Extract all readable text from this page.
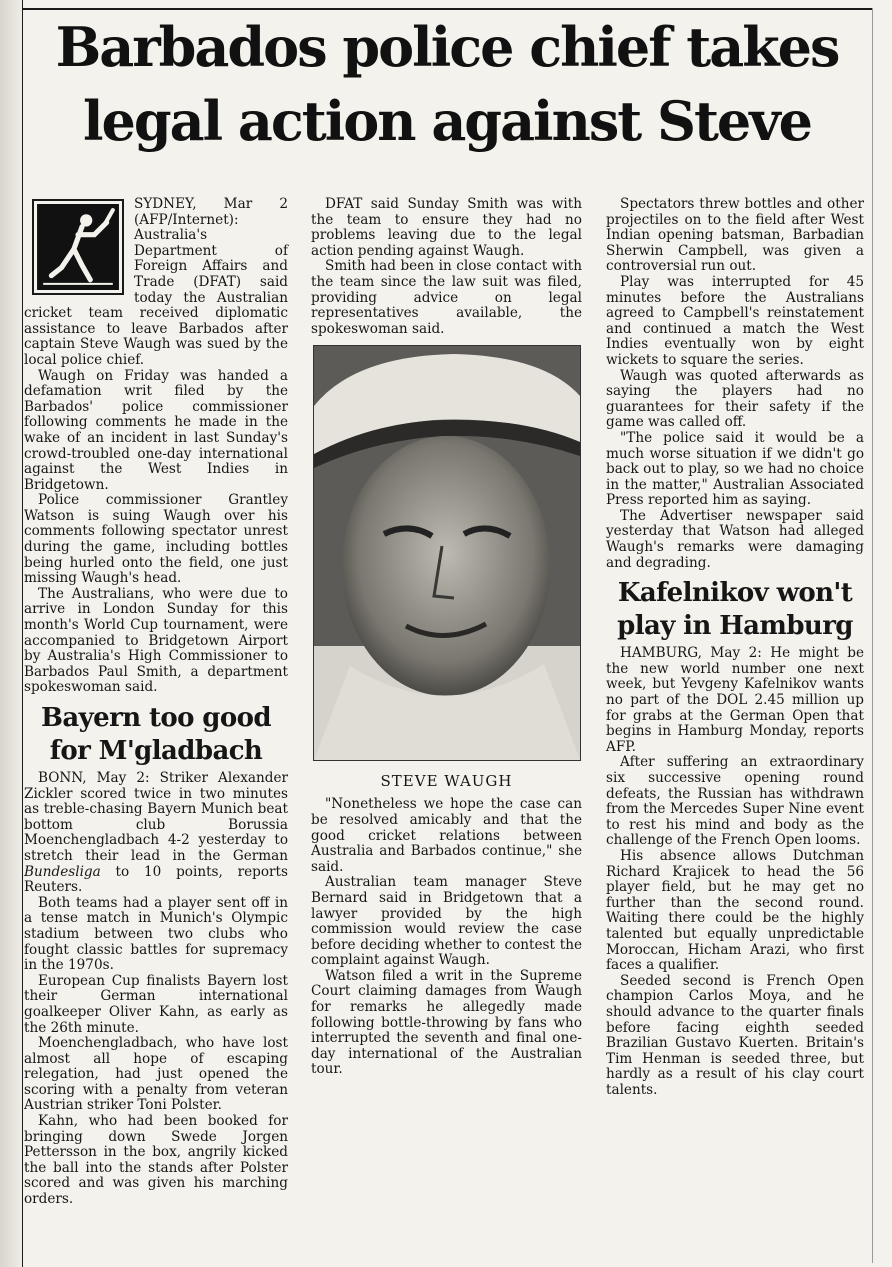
Barbados police chief takes legal action against Steve

SYDNEY, Mar 2 (AFP/Internet): Australia's Department of Foreign Affairs and Trade (DFAT) said today the Australian cricket team received diplomatic assistance to leave Barbados after captain Steve Waugh was sued by the local police chief.

Waugh on Friday was handed a defamation writ filed by the Barbados' police commissioner following comments he made in the wake of an incident in last Sunday's crowd-troubled one-day international against the West Indies in Bridgetown.

Police commissioner Grantley Watson is suing Waugh over his comments following spectator unrest during the game, including bottles being hurled onto the field, one just missing Waugh's head.

The Australians, who were due to arrive in London Sunday for this month's World Cup tournament, were accompanied to Bridgetown Airport by Australia's High Commissioner to Barbados Paul Smith, a department spokeswoman said.

Bayern too good for M'gladbach

BONN, May 2: Striker Alexander Zickler scored twice in two minutes as treble-chasing Bayern Munich beat bottom club Borussia Moenchengladbach 4-2 yesterday to stretch their lead in the German Bundesliga to 10 points, reports Reuters.

Both teams had a player sent off in a tense match in Munich's Olympic stadium between two clubs who fought classic battles for supremacy in the 1970s.

European Cup finalists Bayern lost their German international goalkeeper Oliver Kahn, as early as the 26th minute.

Moenchengladbach, who have lost almost all hope of escaping relegation, had just opened the scoring with a penalty from veteran Austrian striker Toni Polster.

Kahn, who had been booked for bringing down Swede Jorgen Pettersson in the box, angrily kicked the ball into the stands after Polster scored and was given his marching orders.

DFAT said Sunday Smith was with the team to ensure they had no problems leaving due to the legal action pending against Waugh.

Smith had been in close contact with the team since the law suit was filed, providing advice on legal representatives available, the spokeswoman said.

STEVE WAUGH

"Nonetheless we hope the case can be resolved amicably and that the good cricket relations between Australia and Barbados continue," she said.

Australian team manager Steve Bernard said in Bridgetown that a lawyer provided by the high commission would review the case before deciding whether to contest the complaint against Waugh.

Watson filed a writ in the Supreme Court claiming damages from Waugh for remarks he allegedly made following bottle-throwing by fans who interrupted the seventh and final one-day international of the Australian tour.

Spectators threw bottles and other projectiles on to the field after West Indian opening batsman, Barbadian Sherwin Campbell, was given a controversial run out.

Play was interrupted for 45 minutes before the Australians agreed to Campbell's reinstatement and continued a match the West Indies eventually won by eight wickets to square the series.

Waugh was quoted afterwards as saying the players had no guarantees for their safety if the game was called off.

"The police said it would be a much worse situation if we didn't go back out to play, so we had no choice in the matter," Australian Associated Press reported him as saying.

The Advertiser newspaper said yesterday that Watson had alleged Waugh's remarks were damaging and degrading.

Kafelnikov won't play in Hamburg

HAMBURG, May 2: He might be the new world number one next week, but Yevgeny Kafelnikov wants no part of the DOL 2.45 million up for grabs at the German Open that begins in Hamburg Monday, reports AFP.

After suffering an extraordinary six successive opening round defeats, the Russian has withdrawn from the Mercedes Super Nine event to rest his mind and body as the challenge of the French Open looms.

His absence allows Dutchman Richard Krajicek to head the 56 player field, but he may get no further than the second round. Waiting there could be the highly talented but equally unpredictable Moroccan, Hicham Arazi, who first faces a qualifier.

Seeded second is French Open champion Carlos Moya, and he should advance to the quarter finals before facing eighth seeded Brazilian Gustavo Kuerten. Britain's Tim Henman is seeded three, but hardly as a result of his clay court talents.
